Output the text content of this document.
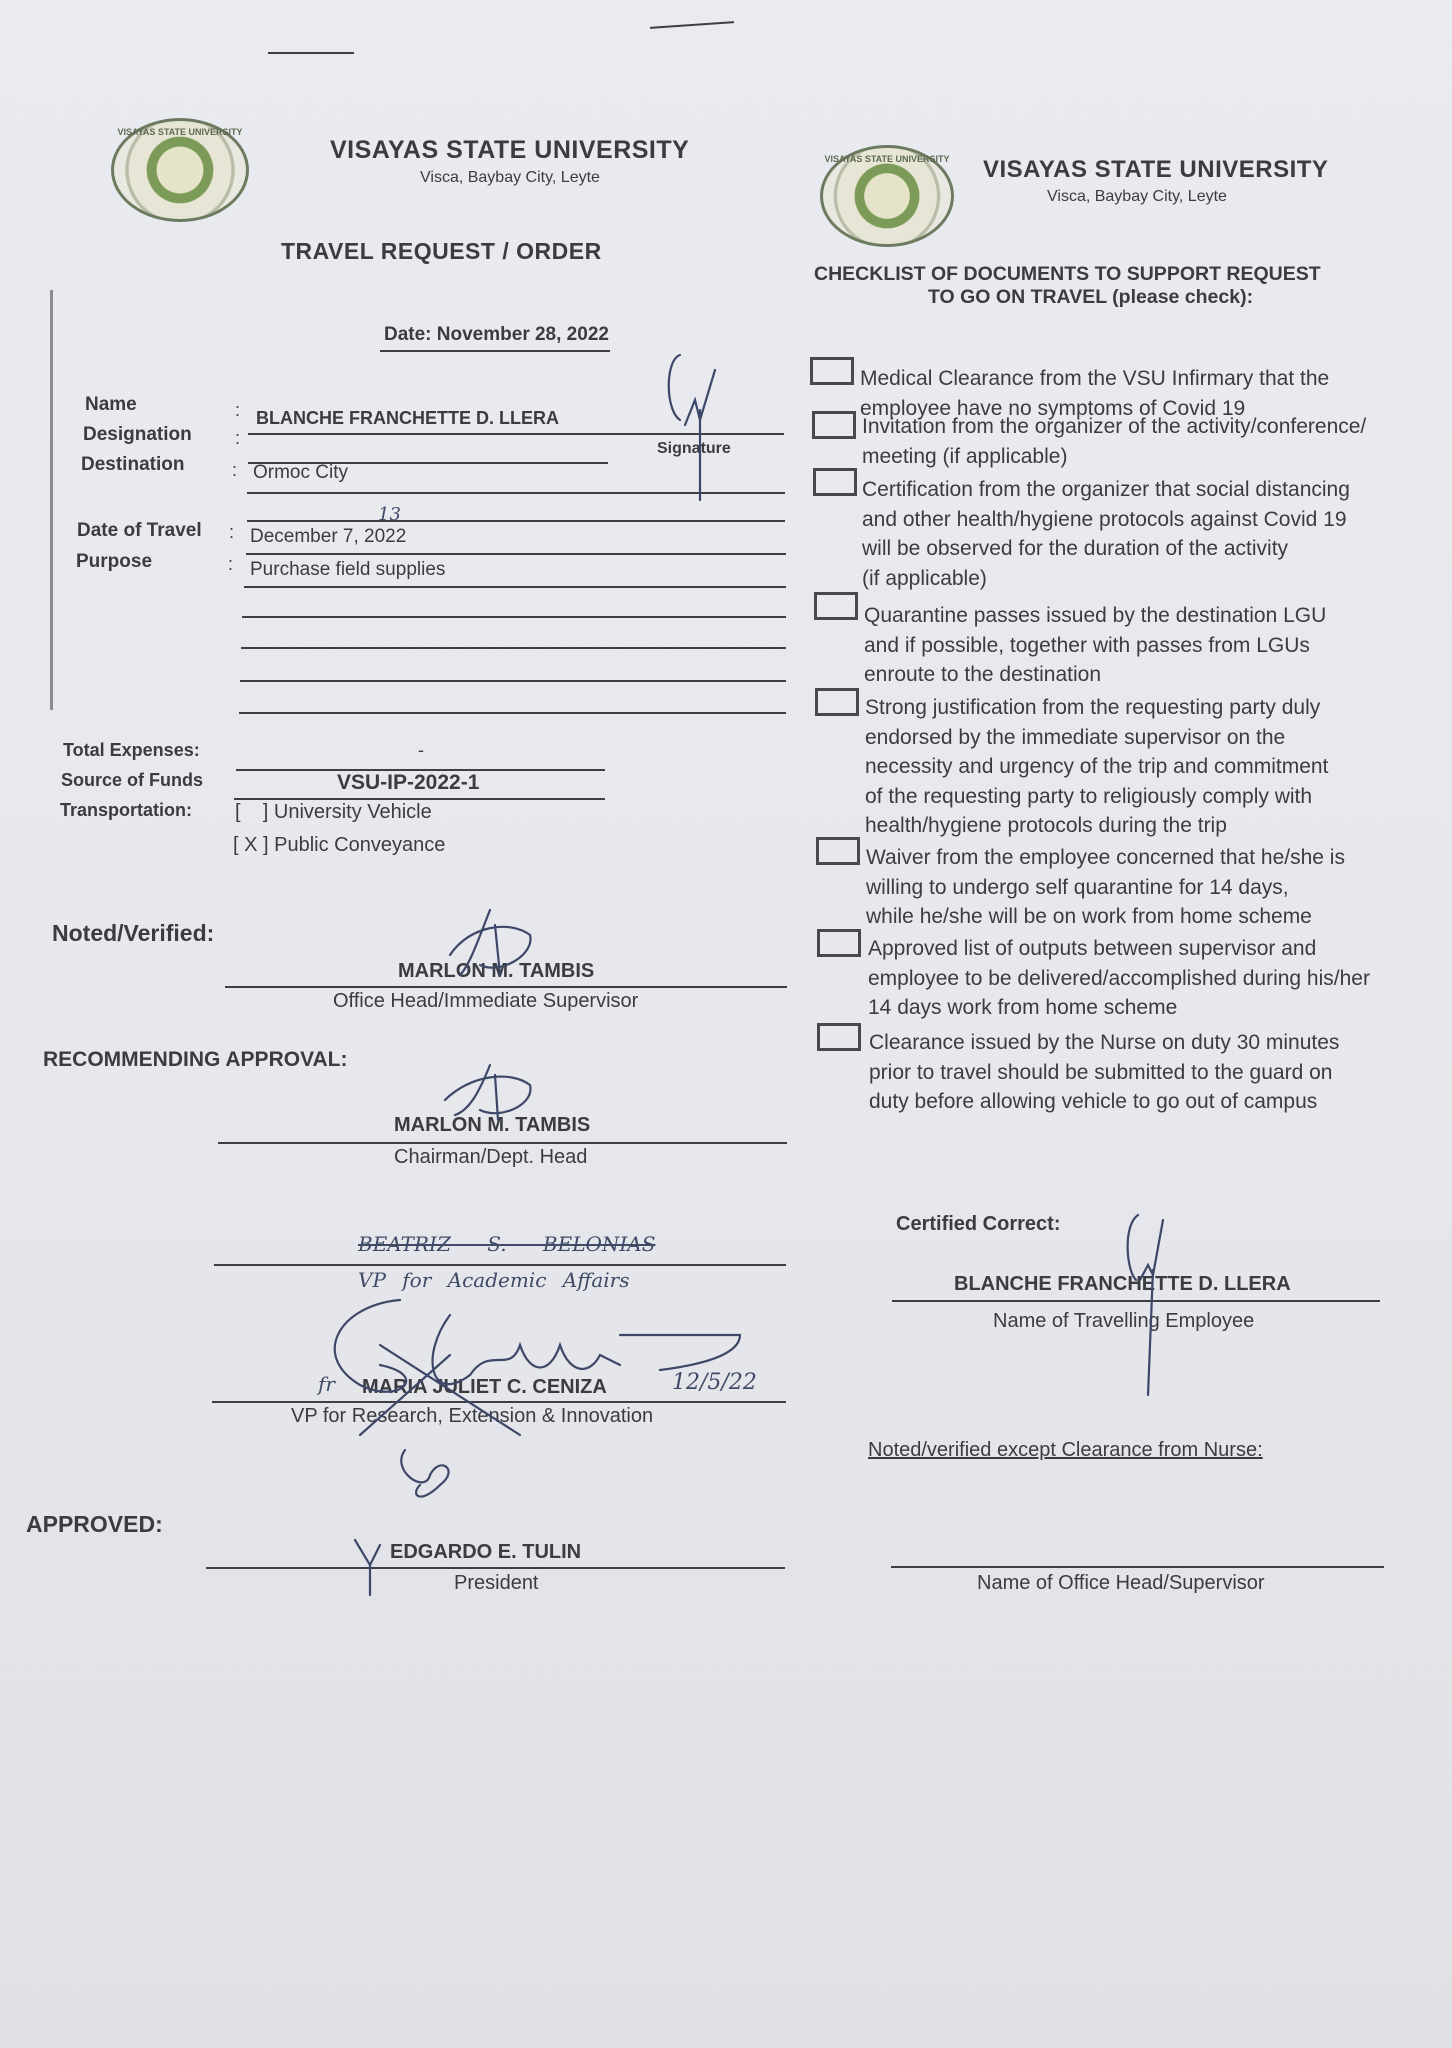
VISAYAS STATE UNIVERSITY
VISAYAS STATE UNIVERSITY
Visca, Baybay City, Leyte
TRAVEL REQUEST / ORDER
VISAYAS STATE UNIVERSITY VISAYAS STATE UNIVERSITY
Visca, Baybay City, Leyte
CHECKLIST OF DOCUMENTS TO SUPPORT REQUEST
TO GO ON TRAVEL (please check):
Date: November 28, 2022
Name	: BLANCHE FRANCHETTE D. LLERA
Designation :
Signature
Destination	: Ormoc City
Date of Travel : December 7, 2022
13
Purpose	: Purchase field supplies
Total Expenses:	-
Source of Funds	VSU-IP-2022-1
Transportation: [    ] University Vehicle
[ X ] Public Conveyance
Noted/Verified:
MARLON M. TAMBIS
Office Head/Immediate Supervisor
RECOMMENDING APPROVAL:
MARLON M. TAMBIS
Chairman/Dept. Head
BEATRIZ S. BELONIAS
VP for Academic Affairs
fr MARIA JULIET C. CENIZA	12/5/22
VP for Research, Extension & Innovation
APPROVED:
EDGARDO E. TULIN
President
Medical Clearance from the VSU Infirmary that the
employee have no symptoms of Covid 19
Invitation from the organizer of the activity/conference/
meeting (if applicable)
Certification from the organizer that social distancing
and other health/hygiene protocols against Covid 19
will be observed for the duration of the activity
(if applicable)
Quarantine passes issued by the destination LGU
and if possible, together with passes from LGUs
enroute to the destination
Strong justification from the requesting party duly
endorsed by the immediate supervisor on the
necessity and urgency of the trip and commitment
of the requesting party to religiously comply with
health/hygiene protocols during the trip
Waiver from the employee concerned that he/she is
willing to undergo self quarantine for 14 days,
while he/she will be on work from home scheme
Approved list of outputs between supervisor and
employee to be delivered/accomplished during his/her
14 days work from home scheme
Clearance issued by the Nurse on duty 30 minutes
prior to travel should be submitted to the guard on
duty before allowing vehicle to go out of campus
Certified Correct:
BLANCHE FRANCHETTE D. LLERA
Name of Travelling Employee
Noted/verified except Clearance from Nurse:
Name of Office Head/Supervisor
